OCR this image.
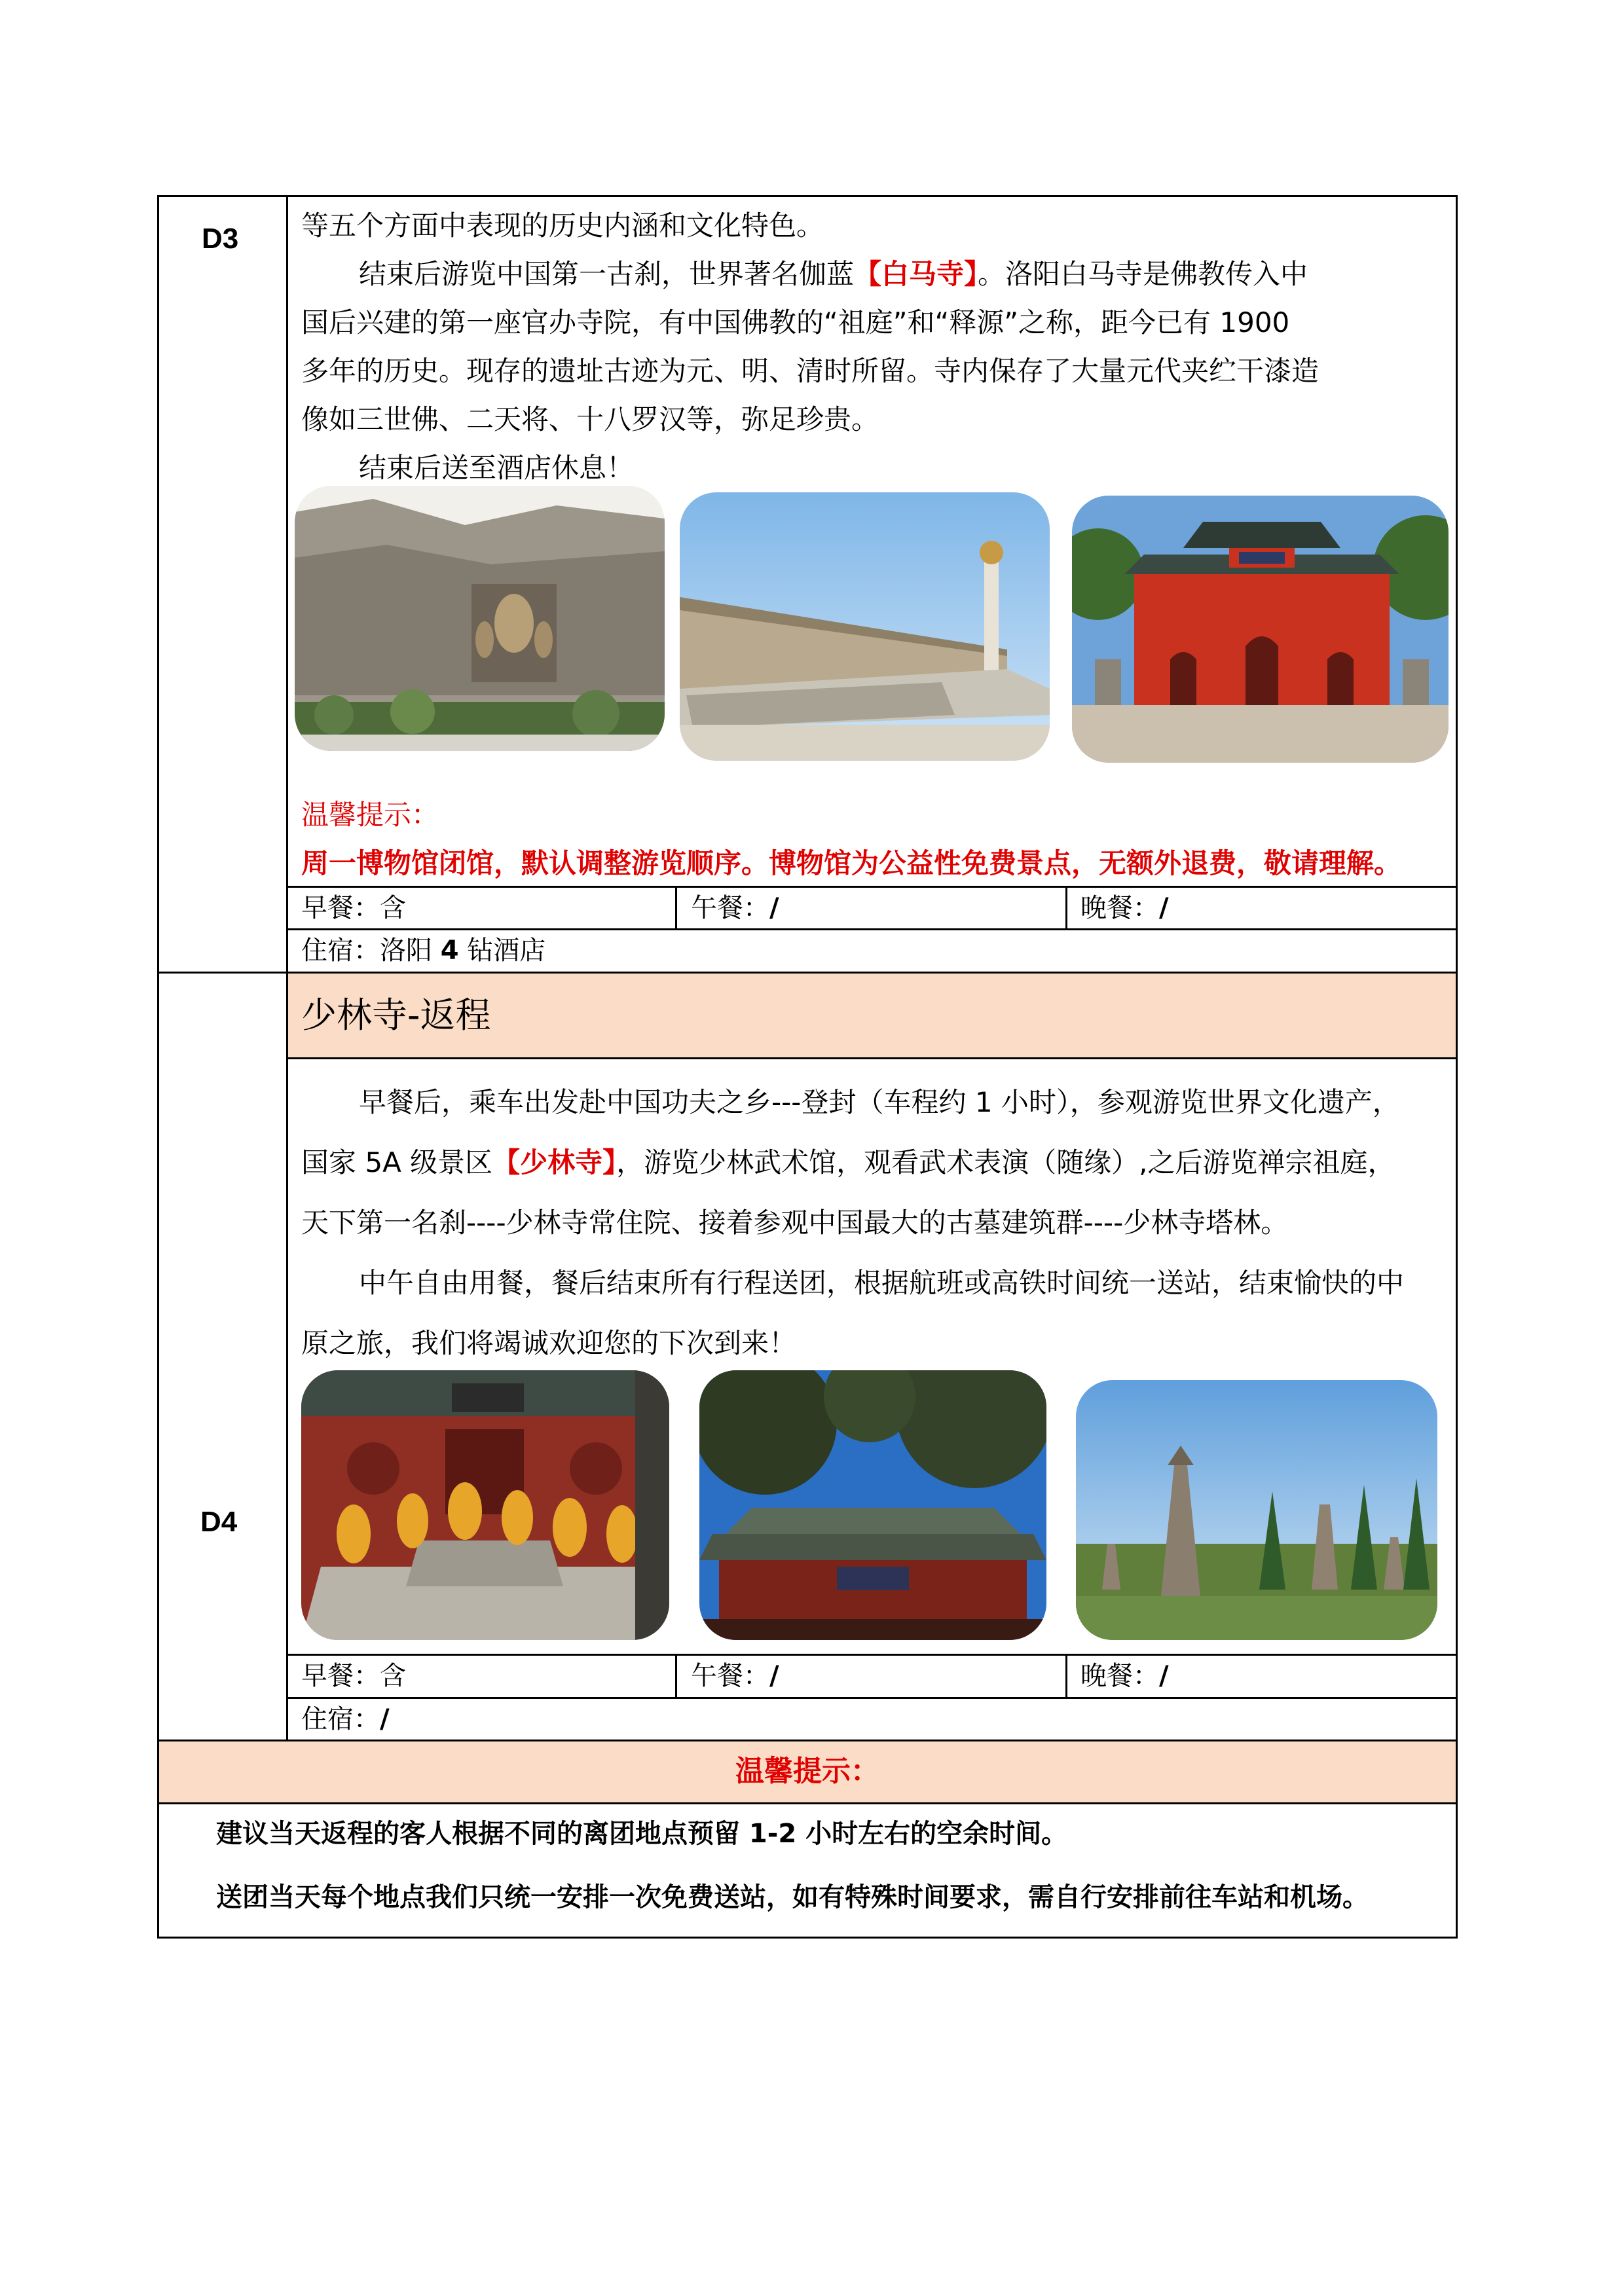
D3 等五个方面中表现的历史内涵和文化特色。
结束后游览中国第一古刹，世界著名伽蓝【白马寺】。洛阳白马寺是佛教传入中
国后兴建的第一座官办寺院，有中国佛教的“祖庭”和“释源”之称，距今已有 1900
多年的历史。现存的遗址古迹为元、明、清时所留。寺内保存了大量元代夹纻干漆造
像如三世佛、二天将、十八罗汉等，弥足珍贵。
结束后送至酒店休息！
温馨提示：
周一博物馆闭馆，默认调整游览顺序。博物馆为公益性免费景点，无额外退费，敬请理解。
早餐：含	午餐：/	晚餐：/
住宿：洛阳 4 钻酒店
少林寺-返程
D4
早餐后，乘车出发赴中国功夫之乡---登封（车程约 1 小时），参观游览世界文化遗产，
国家 5A 级景区【少林寺】，游览少林武术馆，观看武术表演（随缘）,之后游览禅宗祖庭，
天下第一名刹----少林寺常住院、接着参观中国最大的古墓建筑群----少林寺塔林。
中午自由用餐，餐后结束所有行程送团，根据航班或高铁时间统一送站，结束愉快的中
原之旅，我们将竭诚欢迎您的下次到来！
早餐：含	午餐：/	晚餐：/
住宿：/
温馨提示：
建议当天返程的客人根据不同的离团地点预留 1-2 小时左右的空余时间。
送团当天每个地点我们只统一安排一次免费送站，如有特殊时间要求，需自行安排前往车站和机场。
